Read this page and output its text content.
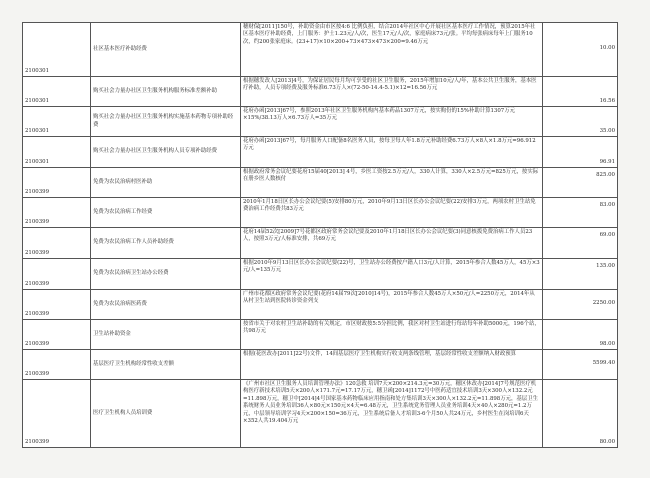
2100301	社区基本医疗补助经费	穗财保[2011]150号，补助资金由市区按4:6 比例负担，结合2014年社区中心开展社区基本医疗工作情况，预算2015年社区基本医疗补助经费，上门服务：护士1.23元/人/次，医生17元/人/次，家庭病床73元/张。平均每张病床每年上门服务10次，约200张家庭床。(23+17)×10×200+73×473×473×200=9.46万元	10.00
2100301	购买社会力量办社区卫生服务机构服务标准差额补助	根据穗发改人[2013]4号，为保证居民每月均可享受的社区卫生服务，2015年增加10元/人/年，基本公共卫生服务，基本医疗补助，人员专项经费及服务标准6.73万人×(72-50-14.4-5.1)×12=16.56万元	16.56
2100301	购买社会力量办社区卫生服务机构实施基本药物专项补助经费	花府办函[2013]67号，参照2013年社区卫生服务机构内基本药品1307万元，按实购份的15%补助计算1307万元×15%/38.13万人×6.73万人=35万元	35.00
2100301	购买社会力量办社区卫生服务机构人员专项补助经费	花府办函[2013]67号，每月服务人口配备8名医务人员，按每卫每人年1.8万元补助经费6.73万人×8人×1.8万元=96.912万元	96.91
2100399	免费为农民治病村医补助	根据政府常务会议纪要花府15届40[2013] 4号，乡医工资按2.5万元/人，330人计算，330人×2.5万元=825万元，按实际在册乡医人数核付	825.00
2100399	免费为农民治病工作经费	2010年1月18日区长办公会议纪要(5)安排80万元，2010年9月13日区长办公会议纪要(22)安排3万元，两项农村卫生站免费治病工作经费共83万元	83.00
2100399	免费为农民治病工作人员补助经费	花府14届52次[2009]7号花都区政府常务会议纪要及2010年1月18日区长办公会议纪要(3)同意核拨免费治病工作人员23人，按照3万元/人标准安排，共69万元	69.00
2100399	免费为农民治病卫生站办公经费	根据2010年9月13日区长办公会议纪要(22)号，卫生站办公经费按户籍人口3元/人计算，2015年参合人数45万人，45万×3元/人=135万元	135.00
2100399	免费为农民治病医药费	广州市花都区政府常务会议纪要(花府14届79次[2010]14号)，2015年参合人数45万人×50元/人=2250万元，2014年从从村卫生站到医院转诊资金列支	2250.00
2100399	卫生站补助资金	按省市关于对农村卫生站补助的有关规定，市区财政按5:5分担比例，我区对村卫生站进行每站每年补助5000元，196个站，共98万元	98.00
2100399	基层医疗卫生机构经常性收支差额	根据(花医改办[2011]22号)文件，14间基层医疗卫生机构实行收支两条线管理，基层经常性收支差额纳入财政预算	5599.40
2100399	医疗卫生机构人员培训费	《广州市社区卫生服务人员培训管理办法》120急救 培训7天×200×214.3元=30万元，穗区休改办[2014]7号规范医疗机构医疗新技术培训5天×200人×171.7元=17.17万元，穗卫函[2014]1172号中医药适宜技术培训3天×300人×132.2元=11.898万元，穗卫中[2014]4号国家基本药物临床应用指南和处方集培训3天×300人×132.2元=11.898万元，基层卫生系统财务人员业务培训36人×80元×150元×4天=6.48万元，卫生系统党务管理人员业务培训4天×40人×280元=1.2万元，中层领导培训学习4天×200×150=36万元，卫生系统后备人才培训3-6个月50人共24万元，乡村医生在岗培训6天×352人共19.404万元	80.00
